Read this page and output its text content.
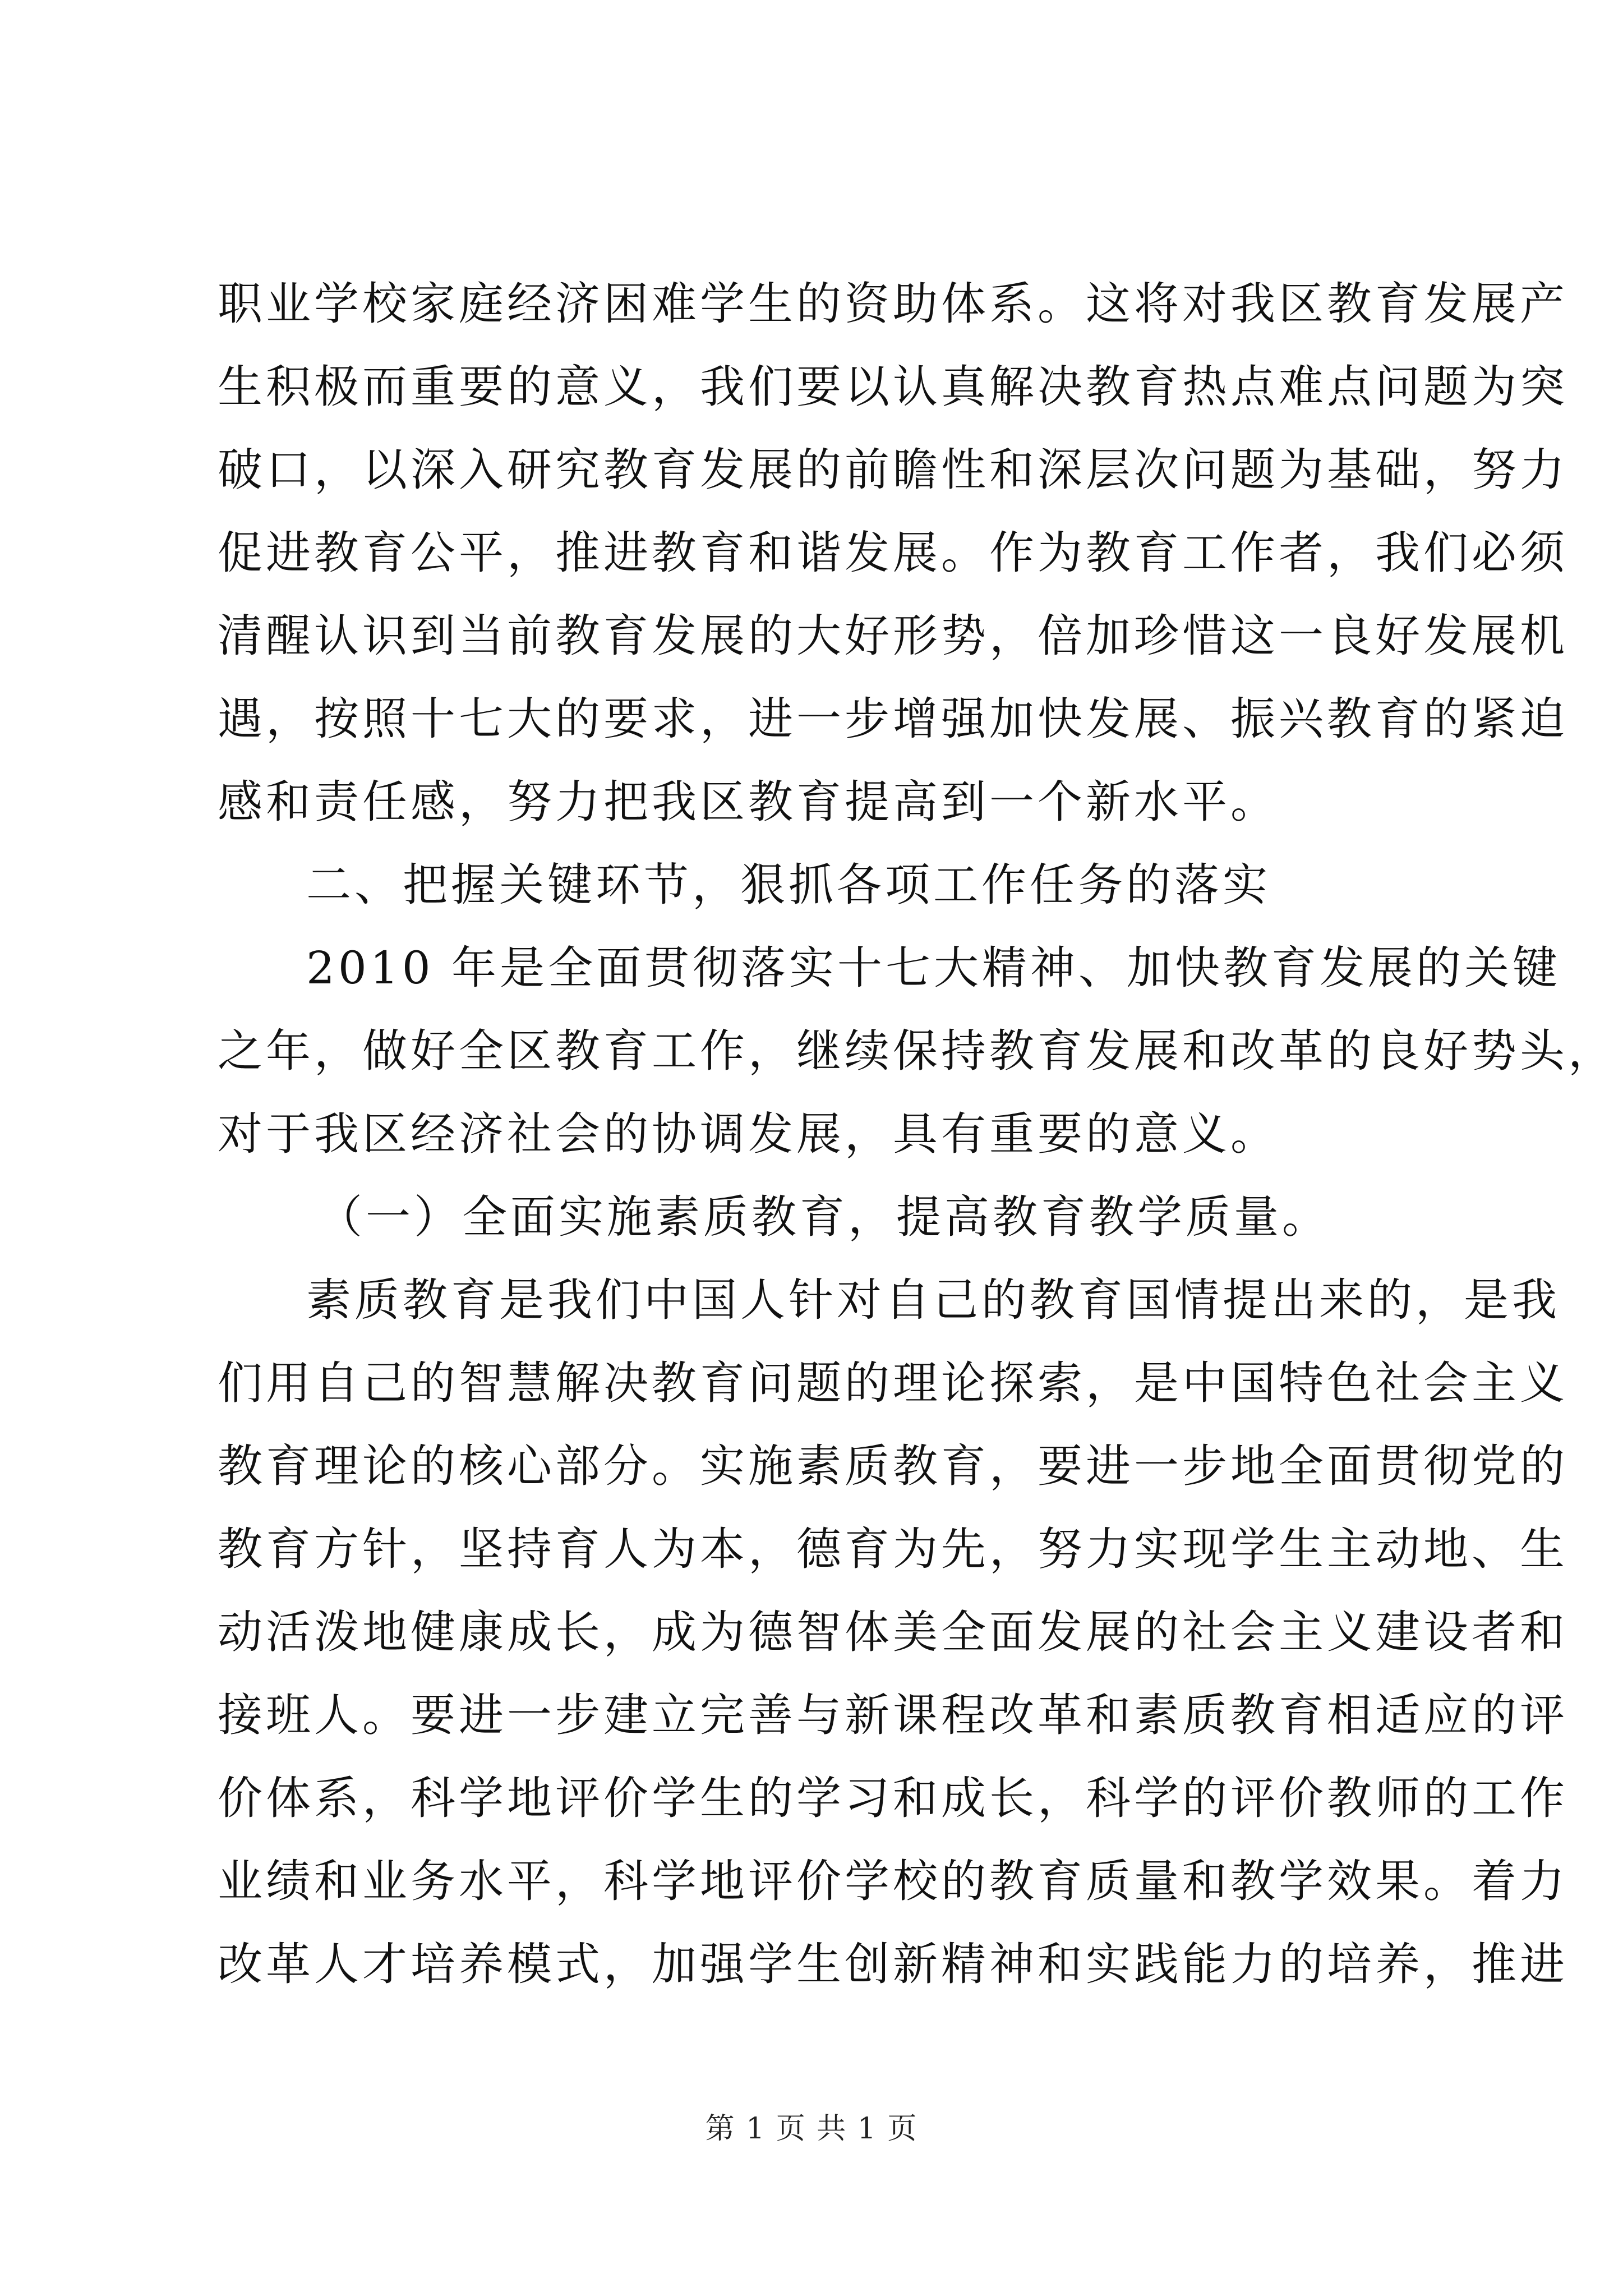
职业学校家庭经济困难学生的资助体系。这将对我区教育发展产
生积极而重要的意义，我们要以认真解决教育热点难点问题为突
破口，以深入研究教育发展的前瞻性和深层次问题为基础，努力
促进教育公平，推进教育和谐发展。作为教育工作者，我们必须
清醒认识到当前教育发展的大好形势，倍加珍惜这一良好发展机
遇，按照十七大的要求，进一步增强加快发展、振兴教育的紧迫
感和责任感，努力把我区教育提高到一个新水平。
二、把握关键环节，狠抓各项工作任务的落实
2010 年是全面贯彻落实十七大精神、加快教育发展的关键
之年，做好全区教育工作，继续保持教育发展和改革的良好势头，
对于我区经济社会的协调发展，具有重要的意义。
（一）全面实施素质教育，提高教育教学质量。
素质教育是我们中国人针对自己的教育国情提出来的，是我
们用自己的智慧解决教育问题的理论探索，是中国特色社会主义
教育理论的核心部分。实施素质教育，要进一步地全面贯彻党的
教育方针，坚持育人为本，德育为先，努力实现学生主动地、生
动活泼地健康成长，成为德智体美全面发展的社会主义建设者和
接班人。要进一步建立完善与新课程改革和素质教育相适应的评
价体系，科学地评价学生的学习和成长，科学的评价教师的工作
业绩和业务水平，科学地评价学校的教育质量和教学效果。着力
改革人才培养模式，加强学生创新精神和实践能力的培养，推进
第 1 页 共 1 页
